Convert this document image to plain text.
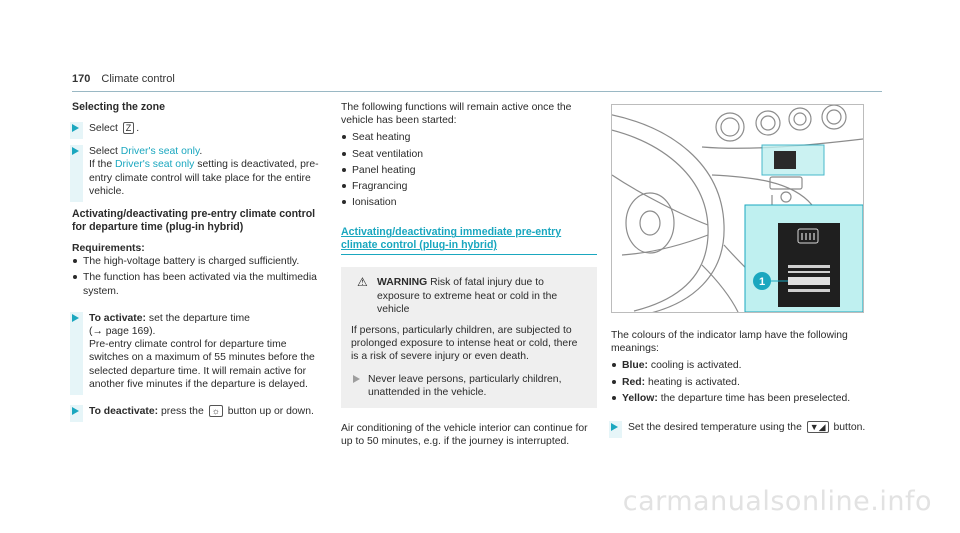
170 Climate control
Selecting the zone
Select Z .
Select Driver's seat only.
If the Driver's seat only setting is deactivated, pre-entry climate control will take place for the entire vehicle.
Activating/deactivating pre-entry climate control for departure time (plug-in hybrid)
Requirements:
The high-voltage battery is charged sufficiently.
The function has been activated via the multimedia system.
To activate: set the departure time
(→ page 169).
Pre-entry climate control for departure time switches on a maximum of 55 minutes before the selected departure time. It will remain active for another five minutes if the departure is delayed.
To deactivate: press the ☼ button up or down.
The following functions will remain active once the vehicle has been started:
Seat heating
Seat ventilation
Panel heating
Fragrancing
Ionisation
Activating/deactivating immediate pre-entry climate control (plug-in hybrid)
⚠ WARNING Risk of fatal injury due to exposure to extreme heat or cold in the vehicle
If persons, particularly children, are subjected to prolonged exposure to intense heat or cold, there is a risk of severe injury or even death.
Never leave persons, particularly children, unattended in the vehicle.
Air conditioning of the vehicle interior can continue for up to 50 minutes, e.g. if the journey is interrupted.
1
The colours of the indicator lamp have the following meanings:
Blue: cooling is activated.
Red: heating is activated.
Yellow: the departure time has been preselected.
Set the desired temperature using the ▼◢ button.
carmanualsonline.info
